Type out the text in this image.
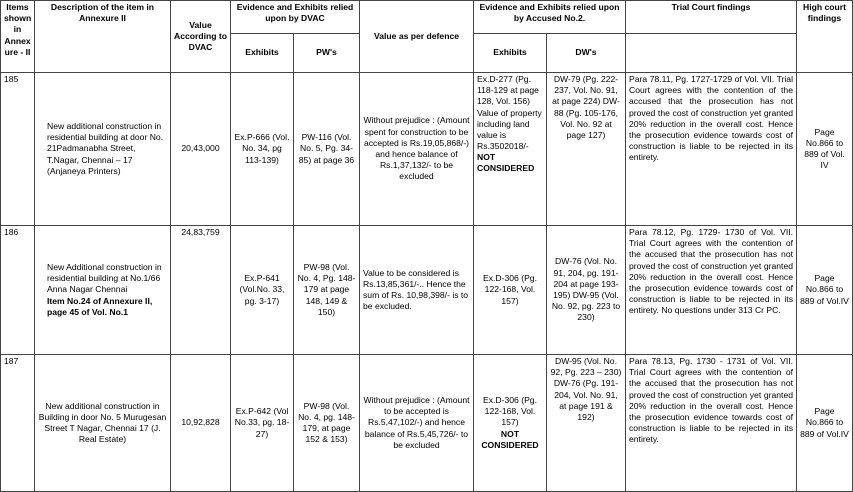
Items shown in Annex ure - II	Description of the item in Annexure II	Value According to DVAC	Evidence and Exhibits relied upon by DVAC		Value as per defence	Evidence and Exhibits relied upon by Accused No.2.		Trial Court findings	High court findings
			Exhibits	PW's		Exhibits	DW's		
185	New additional construction in residential building at door No. 21Padmanabha Street, T.Nagar, Chennai – 17 (Anjaneya Printers)	20,43,000	Ex.P-666 (Vol. No. 34, pg 113-139)	PW-116 (Vol. No. 5, Pg. 34-85) at page 36	Without prejudice : (Amount spent for construction to be accepted is Rs.19,05,868/-) and hence balance of Rs.1,37,132/- to be excluded	Ex.D-277 (Pg. 118-129 at page 128, Vol. 156) Value of property including land value is Rs.3502018/-
NOT CONSIDERED	DW-79 (Pg. 222-237, Vol. No. 91, at page 224) DW-88 (Pg. 105-176, Vol. No. 92 at page 127)	Para 78.11, Pg. 1727-1729 of Vol. VII. Trial Court agrees with the contention of the accused that the prosecution has not proved the cost of construction yet granted 20% reduction in the overall cost. Hence the prosecution evidence towards cost of construction is liable to be rejected in its entirety.	Page No.866 to 889 of Vol. IV
186	New Additional construction in residential building at No.1/66 Anna Nagar Chennai
Item No.24 of Annexure II, page 45 of Vol. No.1	24,83,759	Ex.P-641 (Vol.No. 33, pg. 3-17)	PW-98 (Vol. No. 4, Pg. 148-179 at page 148, 149 & 150)	Value to be considered is Rs.13,85,361/-.. Hence the sum of Rs. 10,98,398/- is to be excluded.	Ex.D-306 (Pg. 122-168, Vol. 157)	DW-76 (Vol. No. 91, 204, pg. 191-204 at page 193-195) DW-95 (Vol. No. 92, pg. 223 to 230)	Para 78.12, Pg. 1729- 1730 of Vol. VII. Trial Court agrees with the contention of the accused that the prosecution has not proved the cost of construction yet granted 20% reduction in the overall cost. Hence the prosecution evidence towards cost of construction is liable to be rejected in its entirety. No questions under 313 Cr PC.	Page No.866 to 889 of Vol.IV
187	New additional construction in Building in door No. 5 Murugesan Street T Nagar, Chennai 17 (J. Real Estate)	10,92,828	Ex.P-642 (Vol No.33, pg. 18-27)	PW-98 (Vol. No. 4, pg. 148- 179, at page 152 & 153)	Without prejudice : (Amount to be accepted is Rs.5,47,102/-) and hence balance of Rs.5,45,726/- to be excluded	Ex.D-306 (Pg. 122-168, Vol. 157)
NOT CONSIDERED	DW-95 (Vol. No. 92, Pg. 223 – 230) DW-76 (Pg. 191- 204, Vol. No. 91, at page 191 & 192)	Para 78.13, Pg. 1730 - 1731 of Vol. VII. Trial Court agrees with the contention of the accused that the prosecution has not proved the cost of construction yet granted 20% reduction in the overall cost. Hence the prosecution evidence towards cost of construction is liable to be rejected in its entirety.	Page No.866 to 889 of Vol.IV
